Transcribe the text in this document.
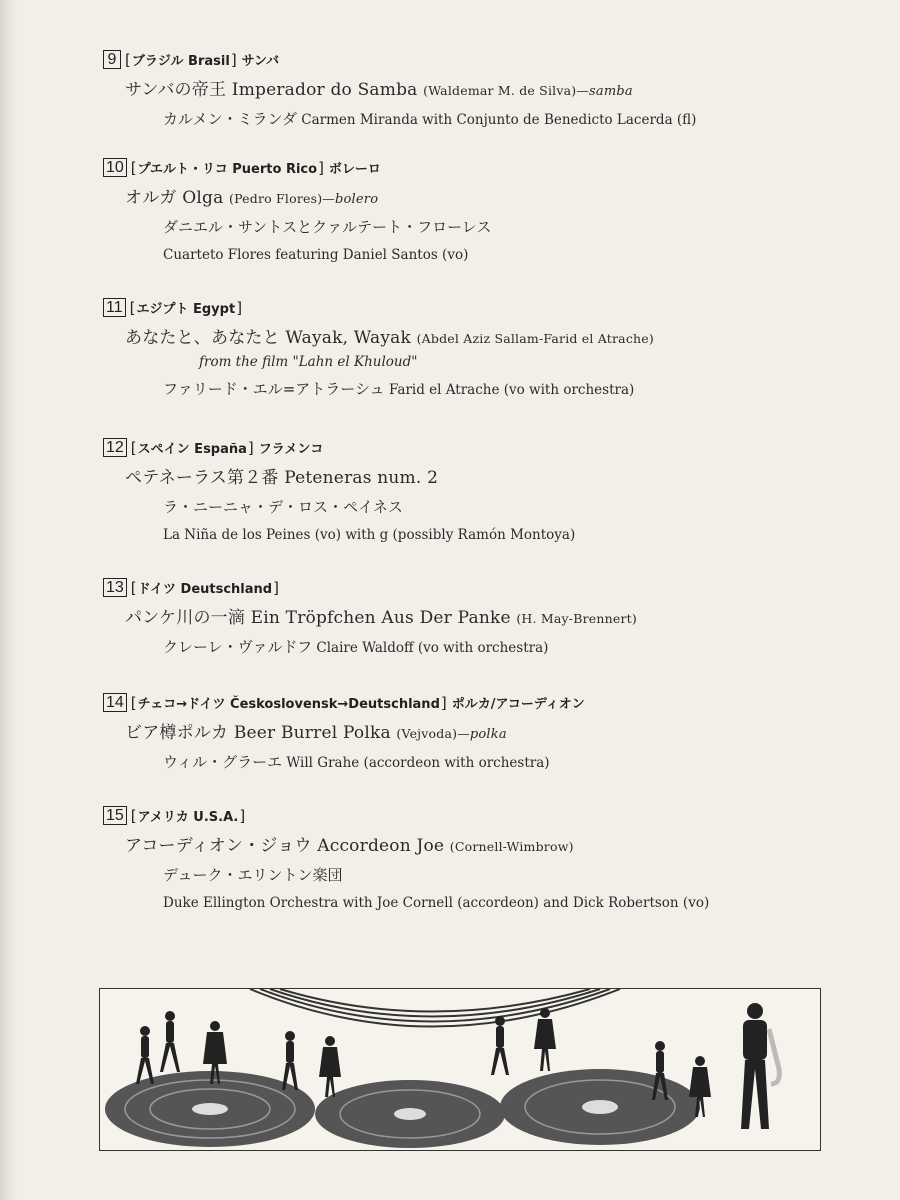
9 [ ブラジル Brasil ] サンバ
サンバの帝王 Imperador do Samba (Waldemar M. de Silva)—samba
カルメン・ミランダ Carmen Miranda with Conjunto de Benedicto Lacerda (fl)
10 [ プエルト・リコ Puerto Rico ] ボレーロ
オルガ Olga (Pedro Flores)—bolero
ダニエル・サントスとクァルテート・フローレス
Cuarteto Flores featuring Daniel Santos (vo)
11 [ エジプト Egypt ]
あなたと、あなたと Wayak, Wayak (Abdel Aziz Sallam-Farid el Atrache)
from the film "Lahn el Khuloud"
ファリード・エル=アトラーシュ Farid el Atrache (vo with orchestra)
12 [ スペイン España ] フラメンコ
ペテネーラス第２番 Peteneras num. 2
ラ・ニーニャ・デ・ロス・ペイネス
La Niña de los Peines (vo) with g (possibly Ramón Montoya)
13 [ ドイツ Deutschland ]
パンケ川の一滴 Ein Tröpfchen Aus Der Panke (H. May-Brennert)
クレーレ・ヴァルドフ Claire Waldoff (vo with orchestra)
14 [ チェコ→ドイツ Československ→Deutschland ] ポルカ/アコーディオン
ビア樽ポルカ Beer Burrel Polka (Vejvoda)—polka
ウィル・グラーエ Will Grahe (accordeon with orchestra)
15 [ アメリカ U.S.A. ]
アコーディオン・ジョウ Accordeon Joe (Cornell-Wimbrow)
デューク・エリントン楽団
Duke Ellington Orchestra with Joe Cornell (accordeon) and Dick Robertson (vo)
